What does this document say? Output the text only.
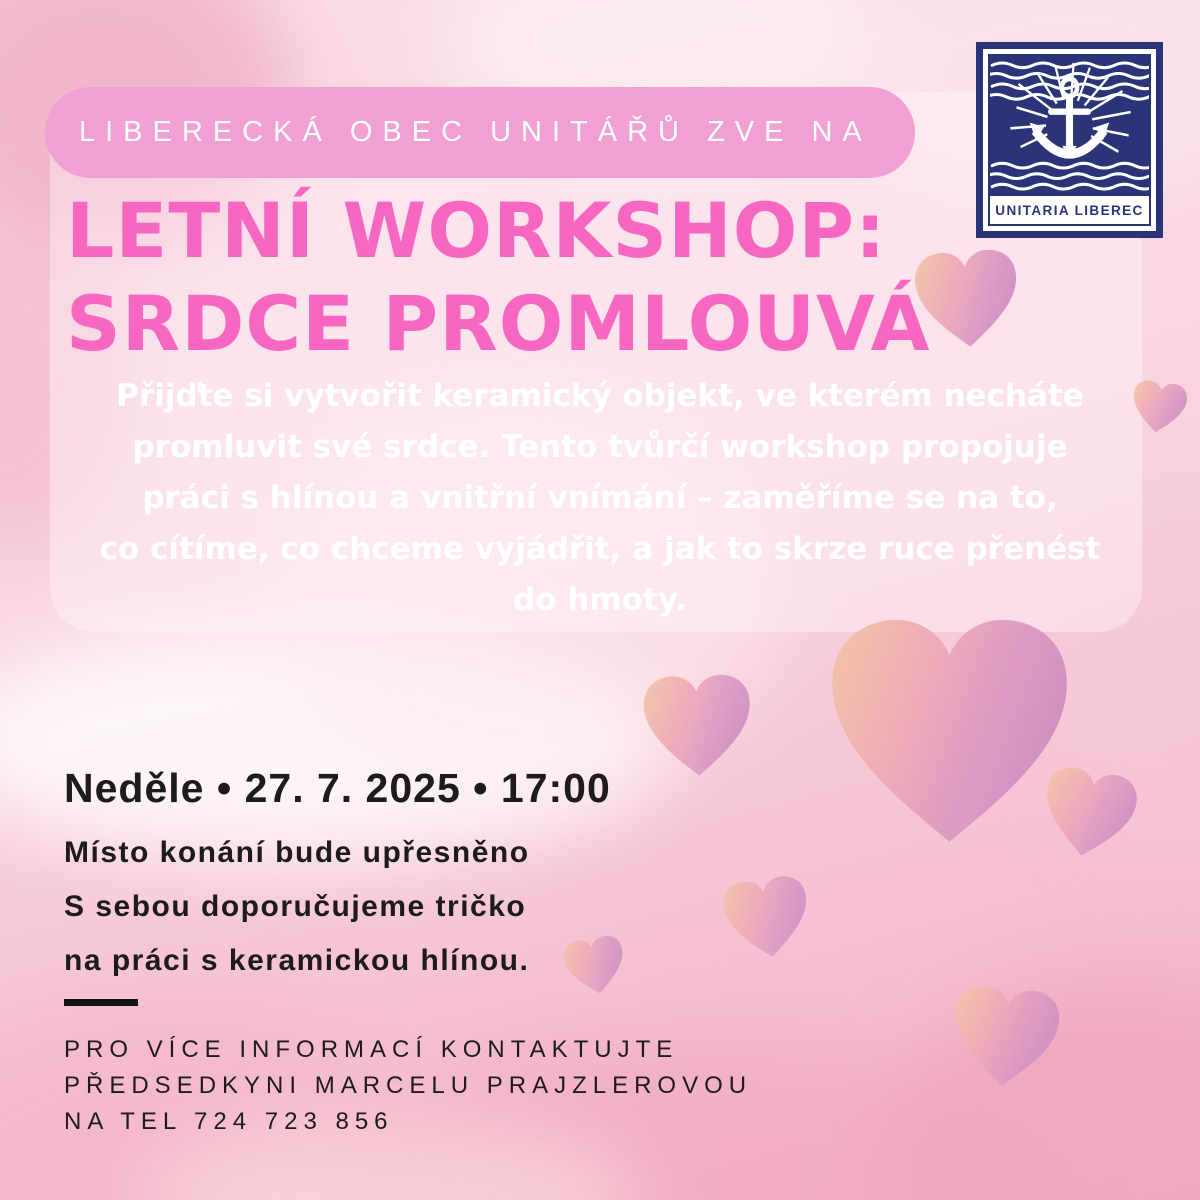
LIBERECKÁ OBEC UNITÁŘŮ ZVE NA
UNITARIA LIBEREC
LETNÍ WORKSHOP:
SRDCE PROMLOUVÁ
Přijďte si vytvořit keramický objekt, ve kterém necháte
promluvit své srdce. Tento tvůrčí workshop propojuje
práci s hlínou a vnitřní vnímání – zaměříme se na to,
co cítíme, co chceme vyjádřit, a jak to skrze ruce přenést
do hmoty.
Neděle • 27. 7. 2025 • 17:00
Místo konání bude upřesněno
S sebou doporučujeme tričko
na práci s keramickou hlínou.
PRO VÍCE INFORMACÍ KONTAKTUJTE
PŘEDSEDKYNI MARCELU PRAJZLEROVOU
NA TEL 724 723 856
